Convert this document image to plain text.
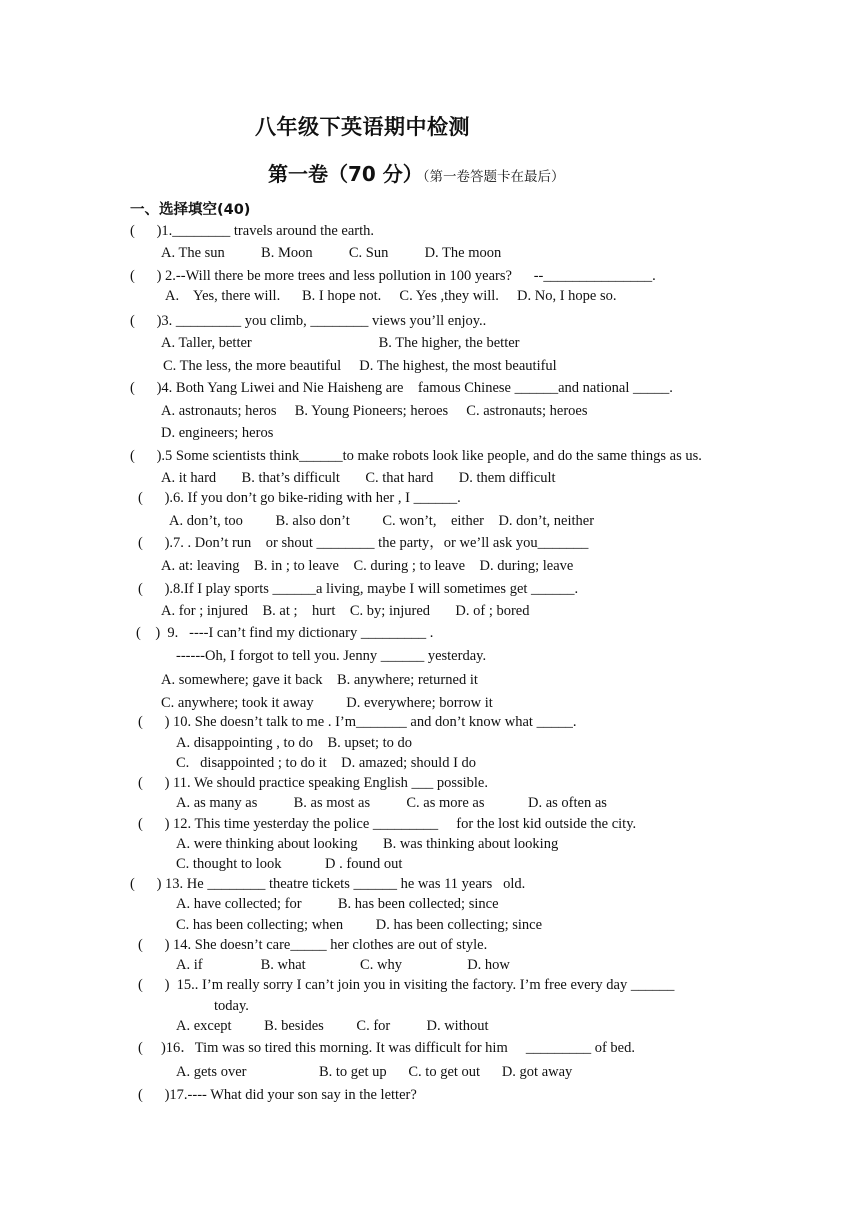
八年级下英语期中检测
第一卷（70 分）（第一卷答题卡在最后）
一、选择填空(40)
(      )1.________ travels around the earth.
A. The sun          B. Moon          C. Sun          D. The moon
(      ) 2.--Will there be more trees and less pollution in 100 years?      --_______________.
A.    Yes, there will.      B. I hope not.     C. Yes ,they will.     D. No, I hope so.
(      )3. _________ you climb, ________ views you’ll enjoy..
A. Taller, better                                   B. The higher, the better
C. The less, the more beautiful     D. The highest, the most beautiful
(      )4. Both Yang Liwei and Nie Haisheng are    famous Chinese ______and national _____.
A. astronauts; heros     B. Young Pioneers; heroes     C. astronauts; heroes
D. engineers; heros
(      ).5 Some scientists think______to make robots look like people, and do the same things as us.
A. it hard       B. that’s difficult       C. that hard       D. them difficult
(      ).6. If you don’t go bike-riding with her , I ______.
A. don’t, too         B. also don’t         C. won’t,    either    D. don’t, neither
(      ).7. . Don’t run    or shout ________ the party，or we’ll ask you_______
A. at: leaving    B. in ; to leave    C. during ; to leave    D. during; leave
(      ).8.If I play sports ______a living, maybe I will sometimes get ______.
A. for ; injured    B. at ;    hurt    C. by; injured       D. of ; bored
(    )  9.   ----I can’t find my dictionary _________ .
------Oh, I forgot to tell you. Jenny ______ yesterday.
A. somewhere; gave it back    B. anywhere; returned it
C. anywhere; took it away         D. everywhere; borrow it
(      ) 10. She doesn’t talk to me . I’m_______ and don’t know what _____.
A. disappointing , to do    B. upset; to do
C.   disappointed ; to do it    D. amazed; should I do
(      ) 11. We should practice speaking English ___ possible.
A. as many as          B. as most as          C. as more as            D. as often as
(      ) 12. This time yesterday the police _________     for the lost kid outside the city.
A. were thinking about looking       B. was thinking about looking
C. thought to look            D . found out
(      ) 13. He ________ theatre tickets ______ he was 11 years   old.
A. have collected; for          B. has been collected; since
C. has been collecting; when         D. has been collecting; since
(      ) 14. She doesn’t care_____ her clothes are out of style.
A. if                B. what               C. why                  D. how
(      )  15.. I’m really sorry I can’t join you in visiting the factory. I’m free every day ______
today.
A. except         B. besides         C. for          D. without
(     )16．Tim was so tired this morning. It was difficult for him     _________ of bed.
A. gets over                    B. to get up      C. to get out      D. got away
(      )17.---- What did your son say in the letter?
